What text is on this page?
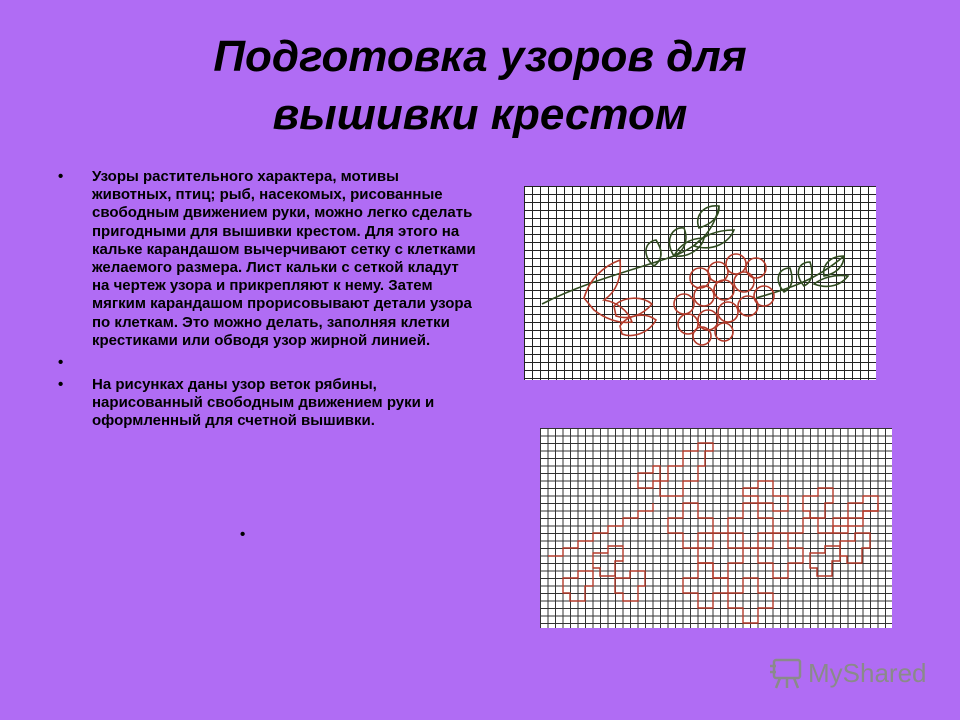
Подготовка узоров для
вышивки крестом
• Узоры растительного характера, мотивы животных, птиц; рыб, насекомых, рисованные свободным движением руки, можно легко сделать пригодными для вышивки крестом. Для этого на кальке карандашом вычерчивают сетку с клетками желаемого размера. Лист кальки с сеткой кладут на чертеж узора и прикрепляют к нему. Затем мягким карандашом прорисовывают детали узора по клеткам. Это можно делать, заполняя клетки крестиками или обводя узор жирной линией.
•
• На рисунках даны узор веток рябины, нарисованный свободным движением руки и оформленный для счетной вышивки.
•
MyShared
